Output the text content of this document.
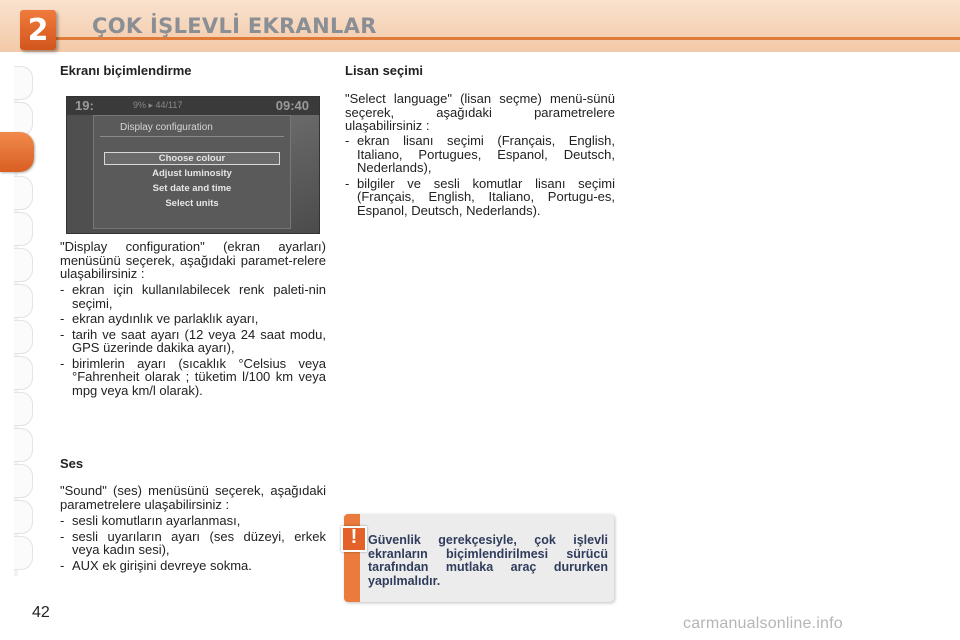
2	ÇOK İŞLEVLİ EKRANLAR
Ekranı biçimlendirme
19:	9% ▸ 44/117	09:40
Display configuration
Choose colour
Adjust luminosity
Set date and time
Select units

"Display configuration" (ekran ayarları) menüsünü seçerek, aşağıdaki paramet-relere ulaşabilirsiniz :

- ekran için kullanılabilecek renk paleti-nin seçimi,
- ekran aydınlık ve parlaklık ayarı,
- tarih ve saat ayarı (12 veya 24 saat modu, GPS üzerinde dakika ayarı),
- birimlerin ayarı (sıcaklık °Celsius veya °Fahrenheit olarak ; tüketim l/100 km veya mpg veya km/l olarak).
Ses

"Sound" (ses) menüsünü seçerek, aşağıdaki parametrelere ulaşabilirsiniz :

- sesli komutların ayarlanması,
- sesli uyarıların ayarı (ses düzeyi, erkek veya kadın sesi),
- AUX ek girişini devreye sokma.
Lisan seçimi

"Select language" (lisan seçme) menü-sünü seçerek, aşağıdaki parametrelere ulaşabilirsiniz :

- ekran lisanı seçimi (Français, English, Italiano, Portugues, Espanol, Deutsch, Nederlands),
- bilgiler ve sesli komutlar lisanı seçimi (Français, English, Italiano, Portugu-es, Espanol, Deutsch, Nederlands).
! Güvenlik gerekçesiyle, çok işlevli ekranların biçimlendirilmesi sürücü tarafından mutlaka araç dururken yapılmalıdır.

42
carmanualsonline.info
